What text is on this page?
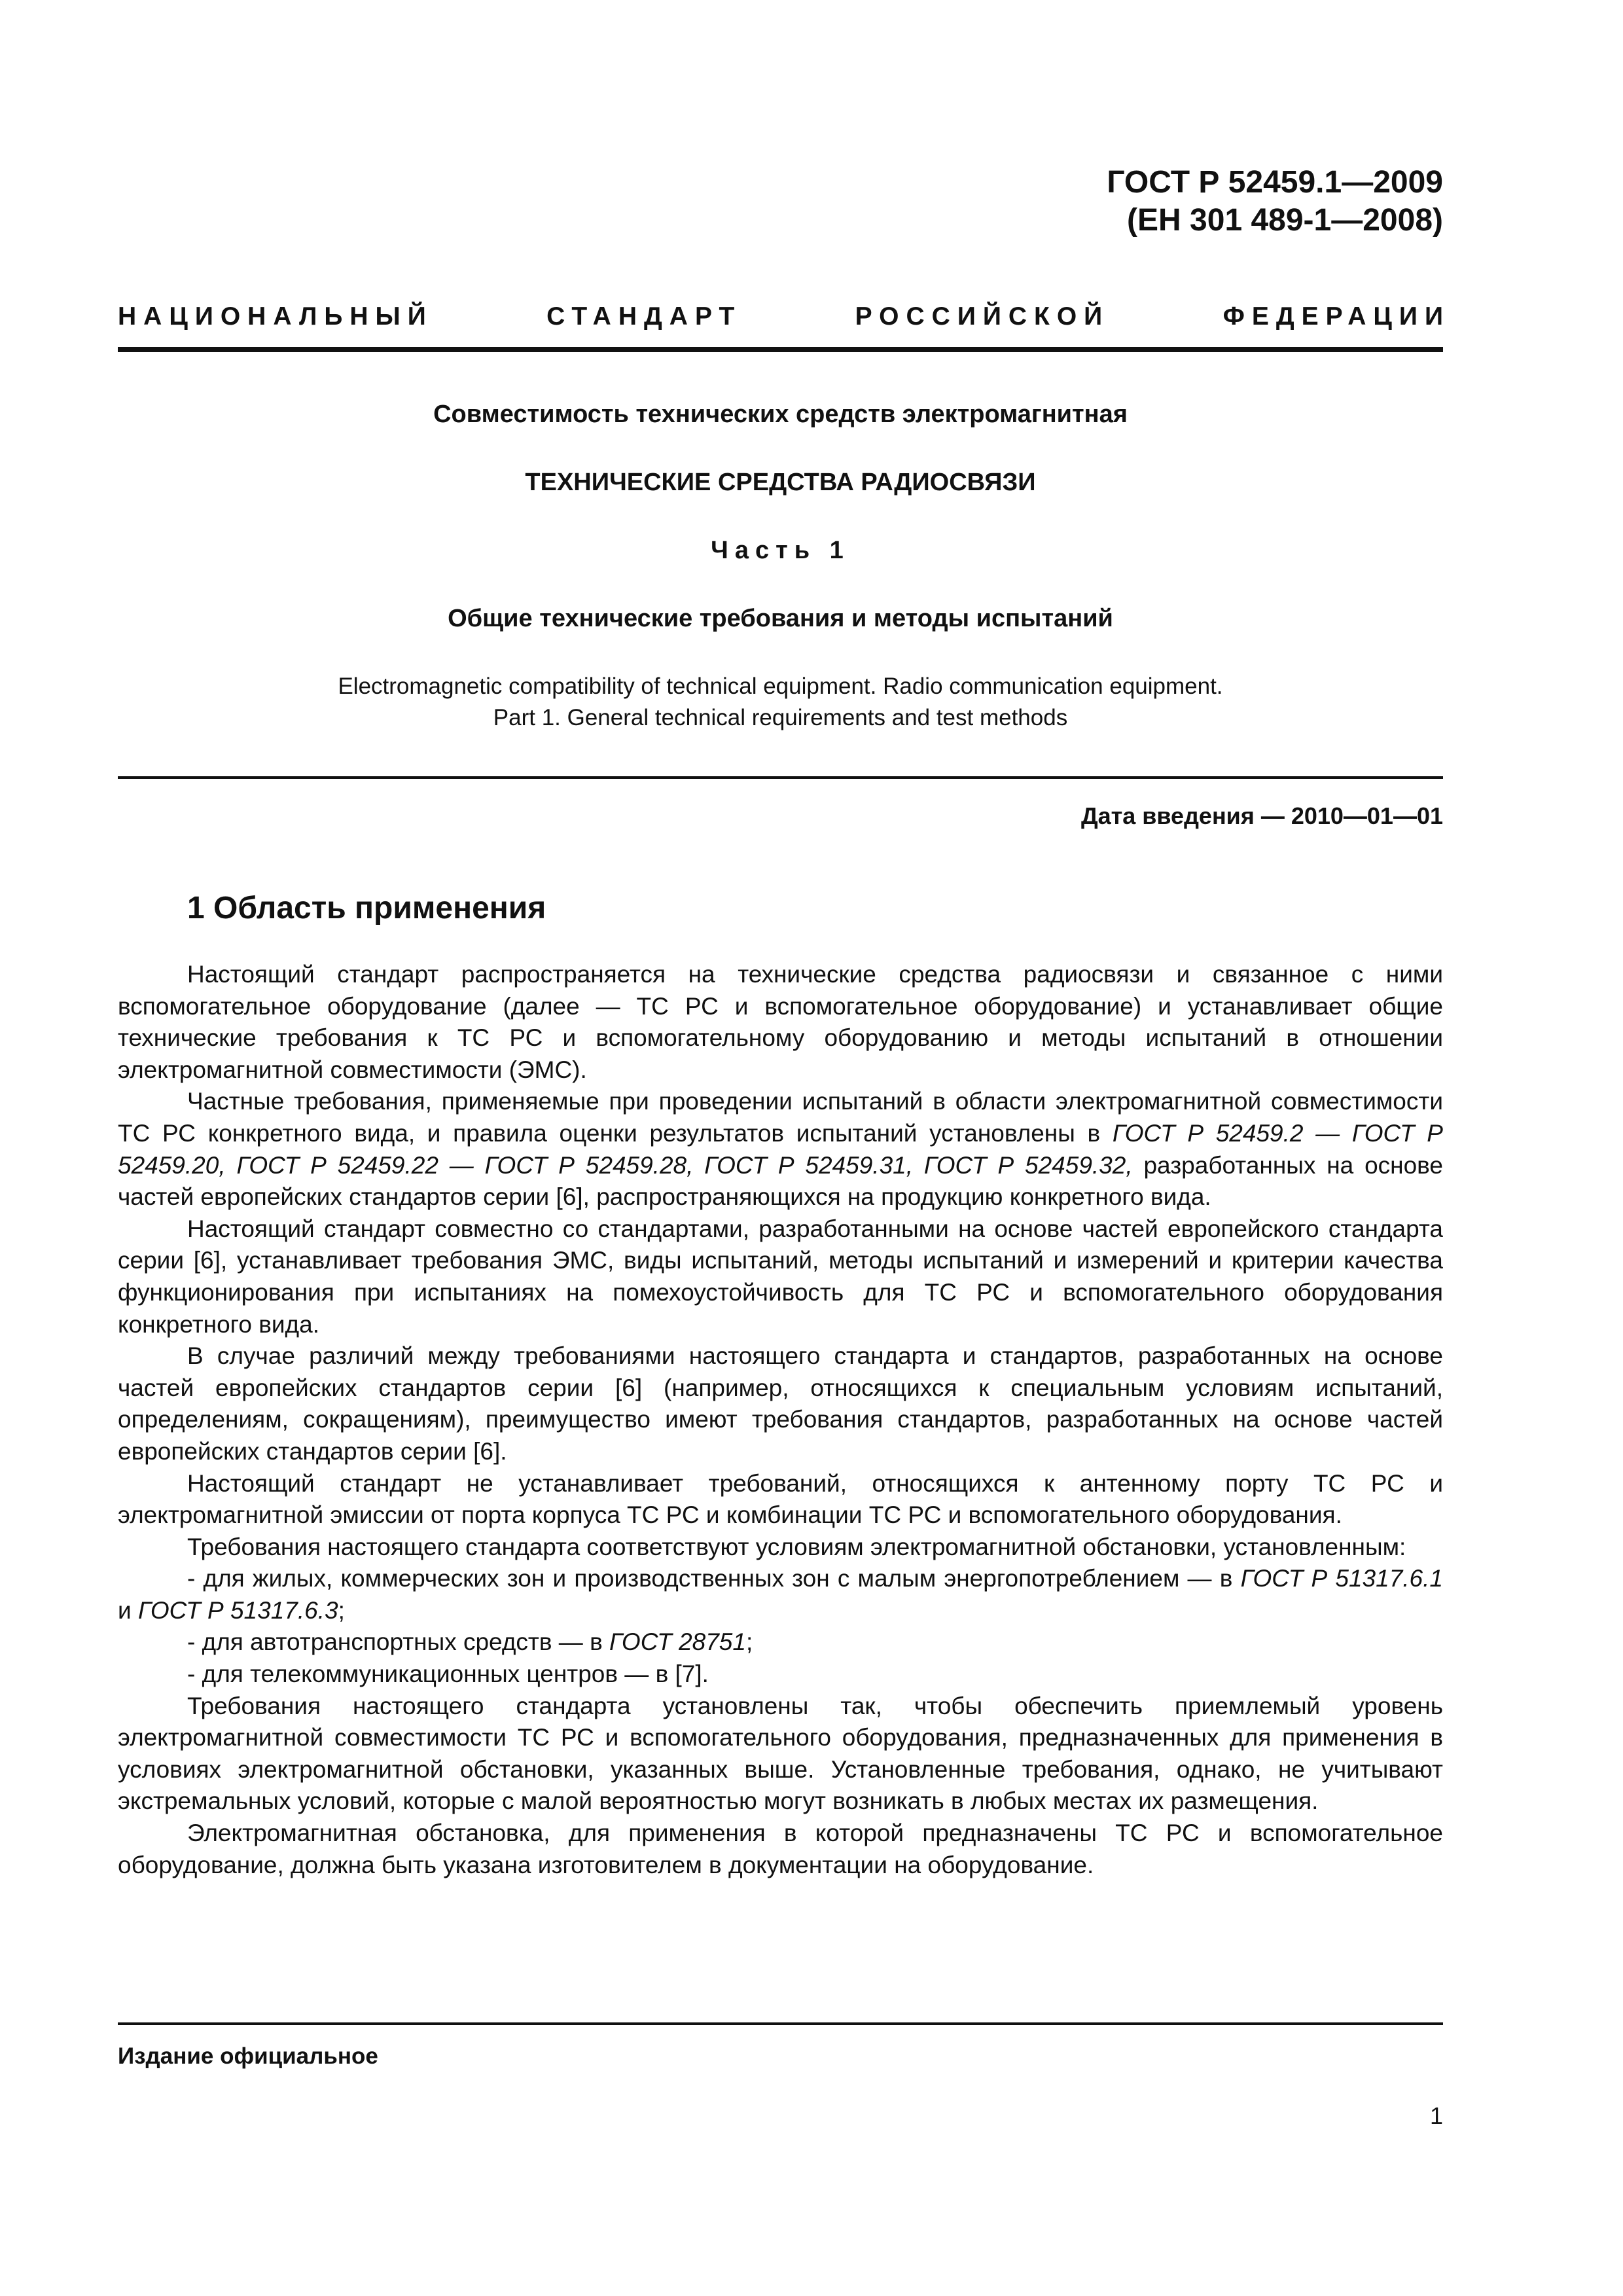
ГОСТ Р 52459.1—2009
(ЕН 301 489-1—2008)
НАЦИОНАЛЬНЫЙ	СТАНДАРТ	РОССИЙСКОЙ	ФЕДЕРАЦИИ
Совместимость технических средств электромагнитная
ТЕХНИЧЕСКИЕ СРЕДСТВА РАДИОСВЯЗИ
Часть 1
Общие технические требования и методы испытаний
Electromagnetic compatibility of technical equipment. Radio communication equipment.
Part 1. General technical requirements and test methods
Дата введения — 2010—01—01
1 Область применения

Настоящий стандарт распространяется на технические средства радиосвязи и связанное с ними вспомогательное оборудование (далее — ТС РС и вспомогательное оборудование) и устанавливает общие технические требования к ТС РС и вспомогательному оборудованию и методы испытаний в отношении электромагнитной совместимости (ЭМС).

Частные требования, применяемые при проведении испытаний в области электромагнитной совместимости ТС РС конкретного вида, и правила оценки результатов испытаний установлены в ГОСТ Р 52459.2 — ГОСТ Р 52459.20, ГОСТ Р 52459.22 — ГОСТ Р 52459.28, ГОСТ Р 52459.31, ГОСТ Р 52459.32, разработанных на основе частей европейских стандартов серии [6], распространяющихся на продукцию конкретного вида.

Настоящий стандарт совместно со стандартами, разработанными на основе частей европейского стандарта серии [6], устанавливает требования ЭМС, виды испытаний, методы испытаний и измерений и критерии качества функционирования при испытаниях на помехоустойчивость для ТС РС и вспомогательного оборудования конкретного вида.

В случае различий между требованиями настоящего стандарта и стандартов, разработанных на основе частей европейских стандартов серии [6] (например, относящихся к специальным условиям испытаний, определениям, сокращениям), преимущество имеют требования стандартов, разработанных на основе частей европейских стандартов серии [6].

Настоящий стандарт не устанавливает требований, относящихся к антенному порту ТС РС и электромагнитной эмиссии от порта корпуса ТС РС и комбинации ТС РС и вспомогательного оборудования.

Требования настоящего стандарта соответствуют условиям электромагнитной обстановки, установленным:

- для жилых, коммерческих зон и производственных зон с малым энергопотреблением — в ГОСТ Р 51317.6.1 и ГОСТ Р 51317.6.3;

- для автотранспортных средств — в ГОСТ 28751;

- для телекоммуникационных центров — в [7].

Требования настоящего стандарта установлены так, чтобы обеспечить приемлемый уровень электромагнитной совместимости ТС РС и вспомогательного оборудования, предназначенных для применения в условиях электромагнитной обстановки, указанных выше. Установленные требования, однако, не учитывают экстремальных условий, которые с малой вероятностью могут возникать в любых местах их размещения.

Электромагнитная обстановка, для применения в которой предназначены ТС РС и вспомогательное оборудование, должна быть указана изготовителем в документации на оборудование.

Издание официальное
1
